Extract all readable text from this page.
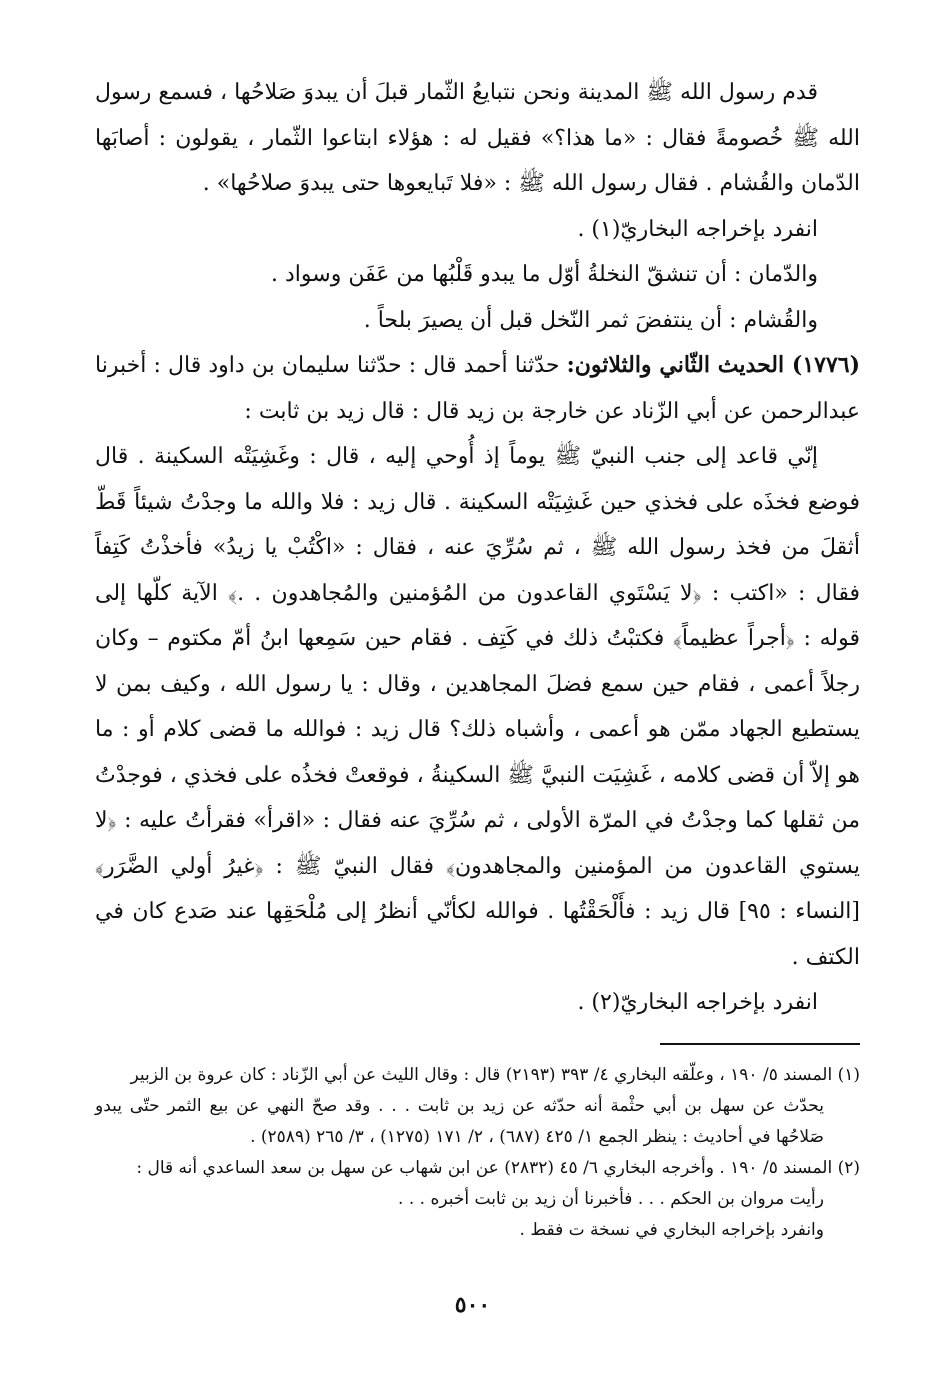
قدم رسول الله ﷺ المدينة ونحن نتبايعُ الثّمار قبلَ أن يبدوَ صَلاحُها ، فسمع رسول الله ﷺ خُصومةً فقال : «ما هذا؟» فقيل له : هؤلاء ابتاعوا الثّمار ، يقولون : أصابَها الدّمان والقُشام . فقال رسول الله ﷺ : «فلا تَبايعوها حتى يبدوَ صلاحُها» .

انفرد بإخراجه البخاريّ(١) .

والدّمان : أن تنشقّ النخلةُ أوّل ما يبدو قَلْبُها من عَفَن وسواد .

والقُشام : أن ينتفضَ ثمر النّخل قبل أن يصيرَ بلحاً .

(١٧٧٦) الحديث الثّاني والثلاثون: حدّثنا أحمد قال : حدّثنا سليمان بن داود قال : أخبرنا عبدالرحمن عن أبي الزّناد عن خارجة بن زيد قال : قال زيد بن ثابت :

إنّي قاعد إلى جنب النبيّ ﷺ يوماً إذ أُوحي إليه ، قال : وغَشِيَتْه السكينة . قال فوضع فخذَه على فخذي حين غَشِيَتْه السكينة . قال زيد : فلا والله ما وجدْتُ شيئاً قَطّ أثقلَ من فخذ رسول الله ﷺ ، ثم سُرِّيَ عنه ، فقال : «اكْتُبْ يا زيدُ» فأخذْتُ كَتِفاً فقال : «اكتب : ﴿لا يَسْتَوي القاعدون من المُؤمنين والمُجاهدون . .﴾ الآية كلّها إلى قوله : ﴿أجراً عظيماً﴾ فكتبْتُ ذلك في كَتِف . فقام حين سَمِعها ابنُ أمّ مكتوم – وكان رجلاً أعمى ، فقام حين سمع فضلَ المجاهدين ، وقال : يا رسول الله ، وكيف بمن لا يستطيع الجهاد ممّن هو أعمى ، وأشباه ذلك؟ قال زيد : فوالله ما قضى كلام أو : ما هو إلاّ أن قضى كلامه ، غَشِيَت النبيَّ ﷺ السكينةُ ، فوقعتْ فخذُه على فخذي ، فوجدْتُ من ثقلها كما وجدْتُ في المرّة الأولى ، ثم سُرِّيَ عنه فقال : «اقرأ» فقرأتُ عليه : ﴿لا يستوي القاعدون من المؤمنين والمجاهدون﴾ فقال النبيّ ﷺ : ﴿غيرُ أولي الضَّرَر﴾[النساء : ٩٥] قال زيد : فأَلْحَقْتُها . فوالله لكأنّي أنظرُ إلى مُلْحَقِها عند صَدع كان في الكتف .

انفرد بإخراجه البخاريّ(٢) .

(١) المسند ٥/ ١٩٠ ، وعلّقه البخاري ٤/ ٣٩٣ (٢١٩٣) قال : وقال الليث عن أبي الزّناد : كان عروة بن الزبير

يحدّث عن سهل بن أبي حثْمة أنه حدّثه عن زيد بن ثابت . . . وقد صحّ النهي عن بيع الثمر حتّى يبدو صَلاحُها في أحاديث : ينظر الجمع ١/ ٤٢٥ (٦٨٧) ، ٢/ ١٧١ (١٢٧٥) ، ٣/ ٢٦٥ (٢٥٨٩) .

(٢) المسند ٥/ ١٩٠ . وأخرجه البخاري ٦/ ٤٥ (٢٨٣٢) عن ابن شهاب عن سهل بن سعد الساعدي أنه قال :

رأيت مروان بن الحكم . . . فأخبرنا أن زيد بن ثابت أخبره . . .

وانفرد بإخراجه البخاري في نسخة ت فقط .

٥٠٠
